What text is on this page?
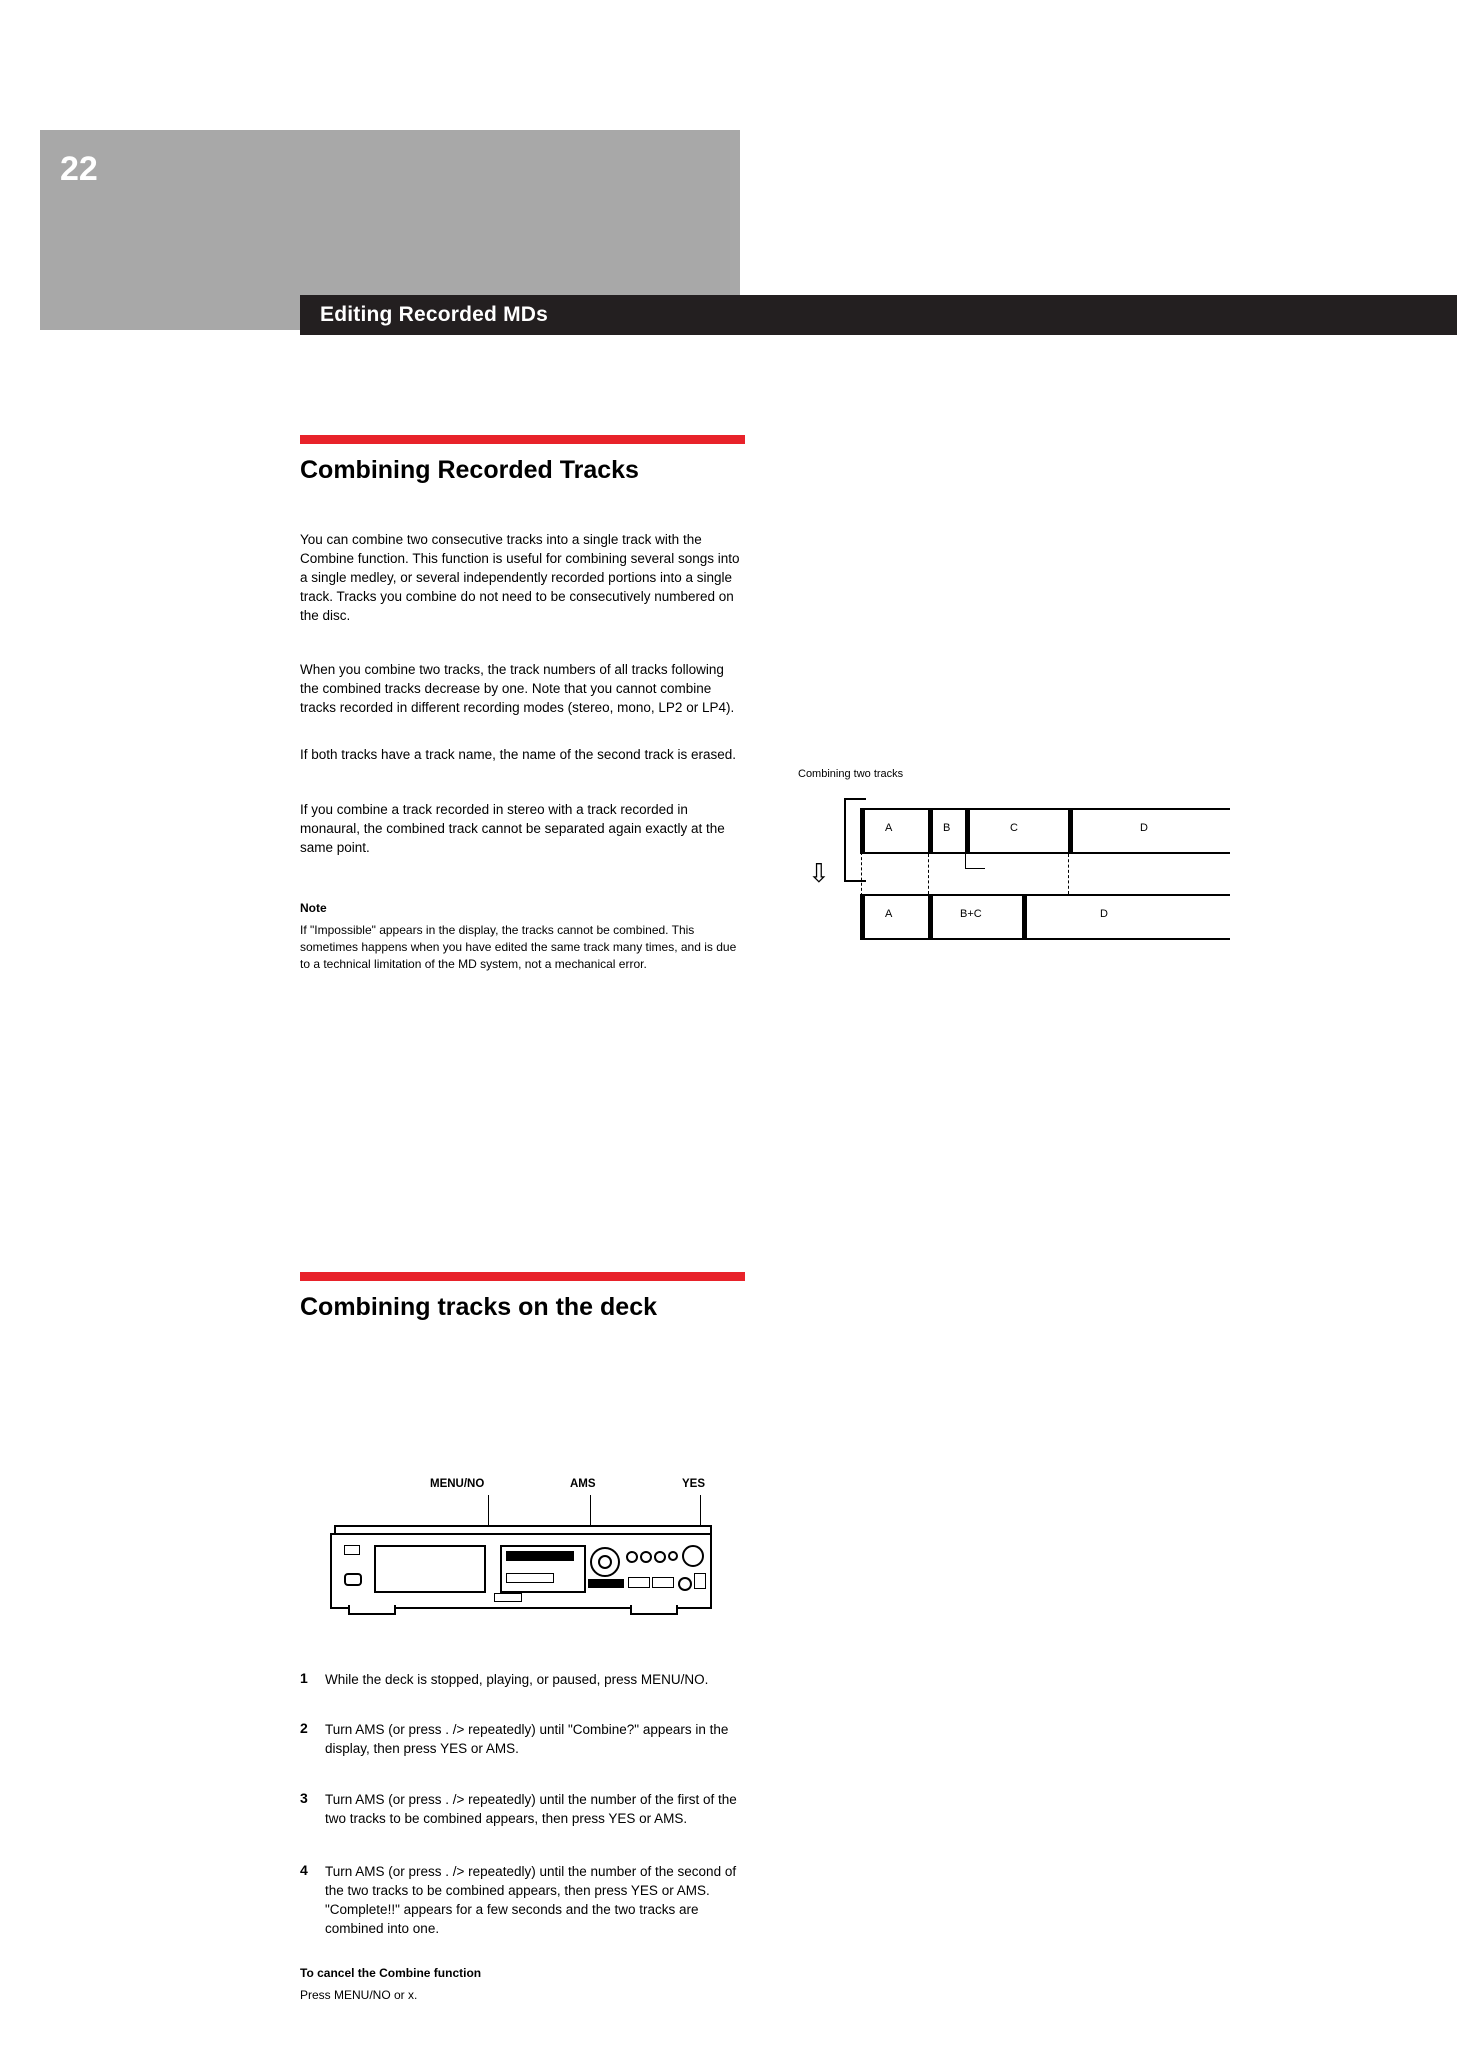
22
Editing Recorded MDs
Combining Recorded Tracks
You can combine two consecutive tracks into a single track with the Combine function. This function is useful for combining several songs into a single medley, or several independently recorded portions into a single track. Tracks you combine do not need to be consecutively numbered on the disc.
When you combine two tracks, the track numbers of all tracks following the combined tracks decrease by one. Note that you cannot combine tracks recorded in different recording modes (stereo, mono, LP2 or LP4).
If both tracks have a track name, the name of the second track is erased.
If you combine a track recorded in stereo with a track recorded in monaural, the combined track cannot be separated again exactly at the same point.
Note
If "Impossible" appears in the display, the tracks cannot be combined. This sometimes happens when you have edited the same track many times, and is due to a technical limitation of the MD system, not a mechanical error.
Combining two tracks
A	B	C	D
⇩
A	B+C	D
Combining tracks on the deck
MENU/NO	AMS	YES
1 While the deck is stopped, playing, or paused, press MENU/NO.
2 Turn AMS (or press . /> repeatedly) until "Combine?" appears in the display, then press YES or AMS.
3 Turn AMS (or press . /> repeatedly) until the number of the first of the two tracks to be combined appears, then press YES or AMS.
4 Turn AMS (or press . /> repeatedly) until the number of the second of the two tracks to be combined appears, then press YES or AMS. "Complete!!" appears for a few seconds and the two tracks are combined into one.
To cancel the Combine function
Press MENU/NO or x.
